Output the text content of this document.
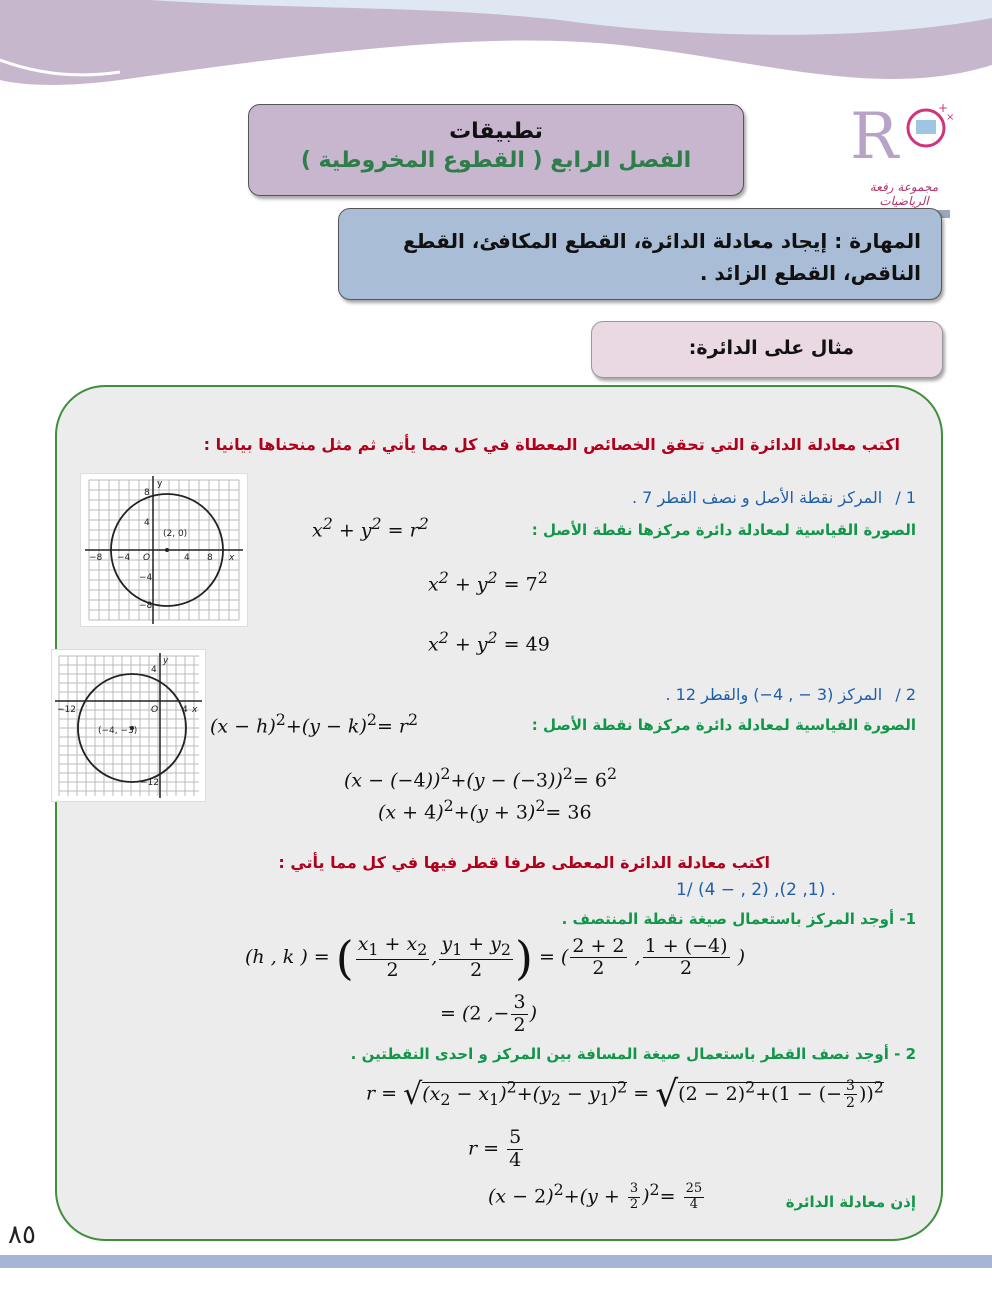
تطبيقات
الفصل الرابع ( القطوع المخروطية )	R	+
×
مجموعة رفعة الرياضيات
المهارة : إيجاد معادلة الدائرة، القطع المكافئ، القطع الناقص، القطع الزائد .
مثال على الدائرة:
اكتب معادلة الدائرة التي تحقق الخصائص المعطاة في كل مما يأتي ثم مثل منحناها بيانيا :
y
8
4
−4
−8
−8 −4 O	4 8 x
(2, 0)
1 / المركز نقطة الأصل و نصف القطر 7 .
الصورة القياسية لمعادلة دائرة مركزها نقطة الأصل :
$x^2 + y^2 = r^2$
$x^2 + y^2 = 7^2$
$x^2 + y^2 = 49$
y
4
−12	O	4 x
(−4, −3)
−12
2 / المركز (3 − , 4−) والقطر 12 .
الصورة القياسية لمعادلة دائرة مركزها نقطة الأصل :
$(x - h)^2+(y - k)^2= r^2$
$(x - (-4))^2+(y - (-3))^2= 6^2$
$(x + 4)^2+(y + 3)^2= 36$
اكتب معادلة الدائرة المعطى طرفا قطر فيها في كل مما يأتي :
1/ (4 − , 2) ,(2 ,1) .
1- أوجد المركز باستعمال صيغة نقطة المنتصف .
(h , k ) = ( $\frac{x_1 + x_2}{2}$ , $\frac{y_1 + y_2}{2}$ ) = ( $\frac{2 + 2}{2}$ , $\frac{1 + (-4)}{2}$ )
= (2 ,− $\frac{3}{2}$ )
2 - أوجد نصف القطر باستعمال صيغة المسافة بين المركز و احدى النقطتين .
$r = √(x_2 - x_1)^2+(y_2 - y_1)^2 = √(2 - 2)^2+(1$ − (− $\frac{3}{2} ))^2$
$r = \frac{5}{4}$
إذن معادلة الدائرة
$(x - 2)^2+(y + \frac{3}{2} )^2= \frac{25}{4}$
٨٥
